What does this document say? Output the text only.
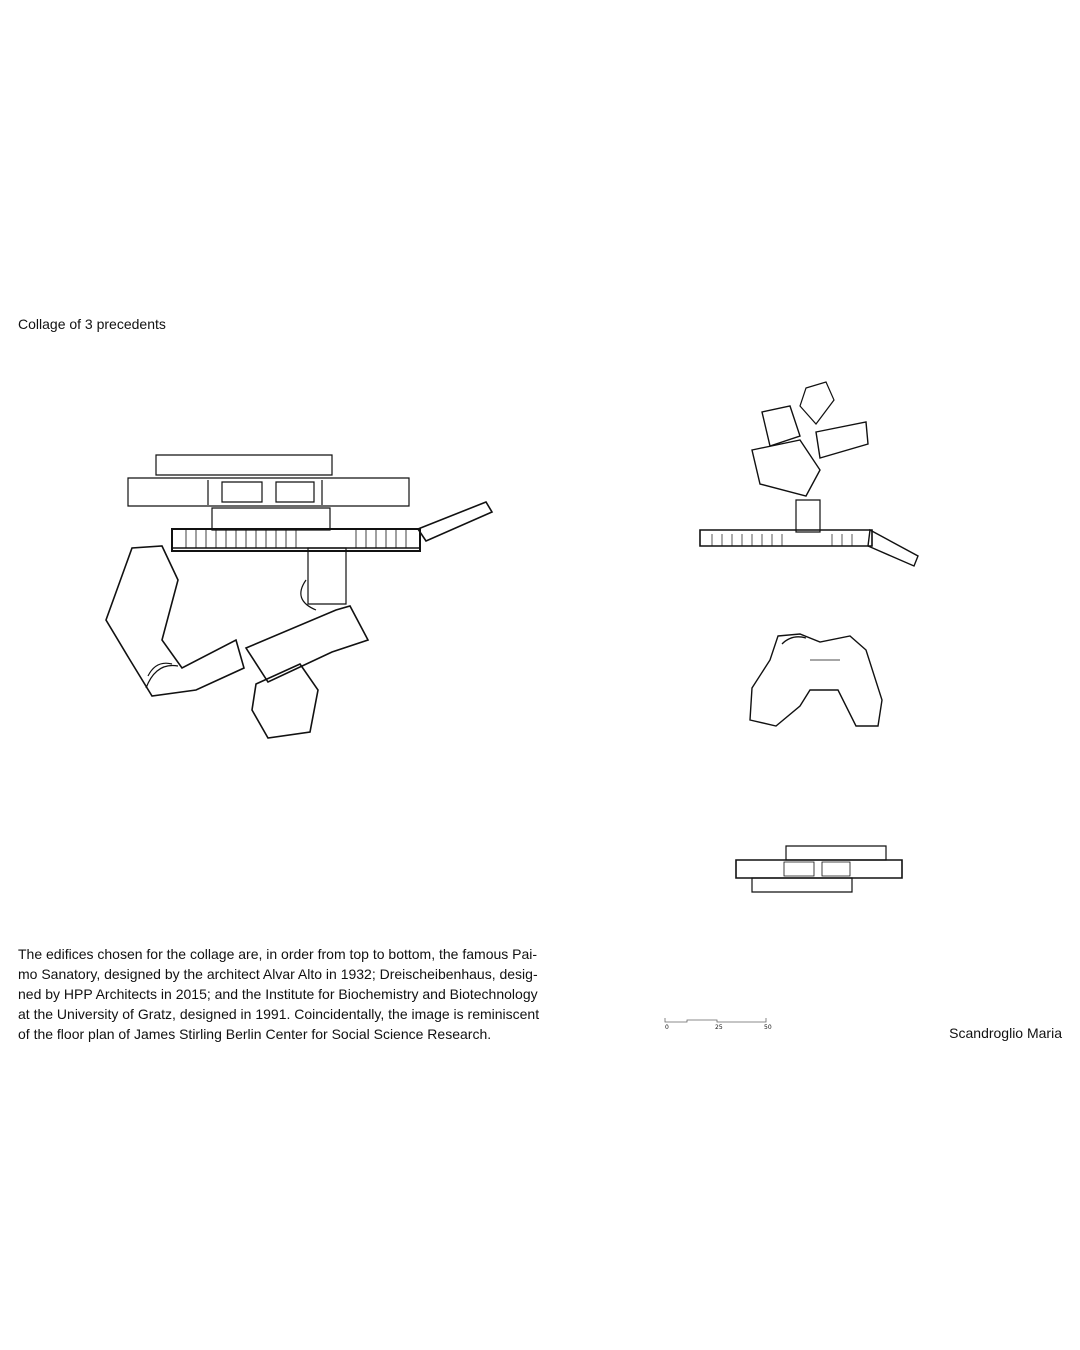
Collage of 3 precedents
0	25	50
The edifices chosen for the collage are, in order from top to bottom, the famous Pai-
mo Sanatory, designed by the architect Alvar Alto in 1932; Dreischeibenhaus, desig-
ned by HPP Architects in 2015; and the Institute for Biochemistry and Biotechnology
at the University of Gratz, designed in 1991. Coincidentally, the image is reminiscent
of the floor plan of James Stirling Berlin Center for Social Science Research.	Scandroglio Maria
